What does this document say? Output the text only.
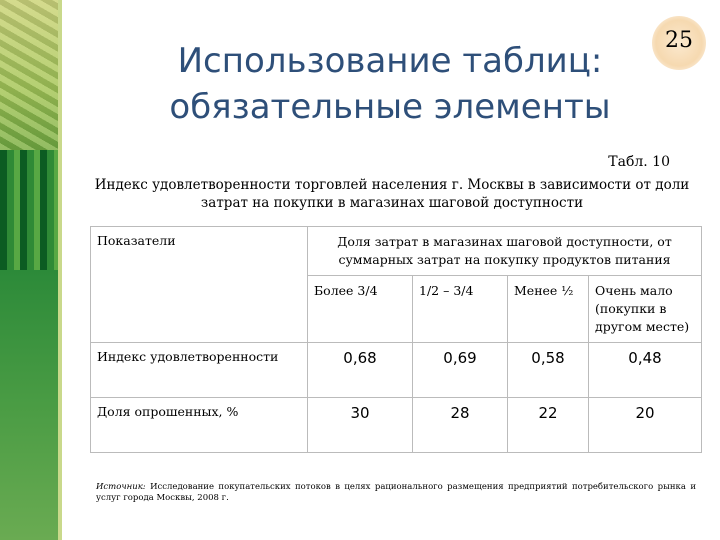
25
Использование таблиц:
обязательные элементы
Табл. 10
Индекс удовлетворенности торговлей населения г. Москвы в зависимости от доли затрат на покупки в магазинах шаговой доступности
Показатели	Доля затрат в магазинах шаговой доступности, от суммарных затрат на покупку продуктов питания			
	Более 3/4	1/2 – 3/4	Менее ½	Очень мало (покупки в другом месте)
Индекс удовлетворенности	0,68	0,69	0,58	0,48
Доля опрошенных, %	30	28	22	20
Источник: Исследование покупательских потоков в целях рационального размещения предприятий потребительского рынка и услуг города Москвы, 2008 г.
